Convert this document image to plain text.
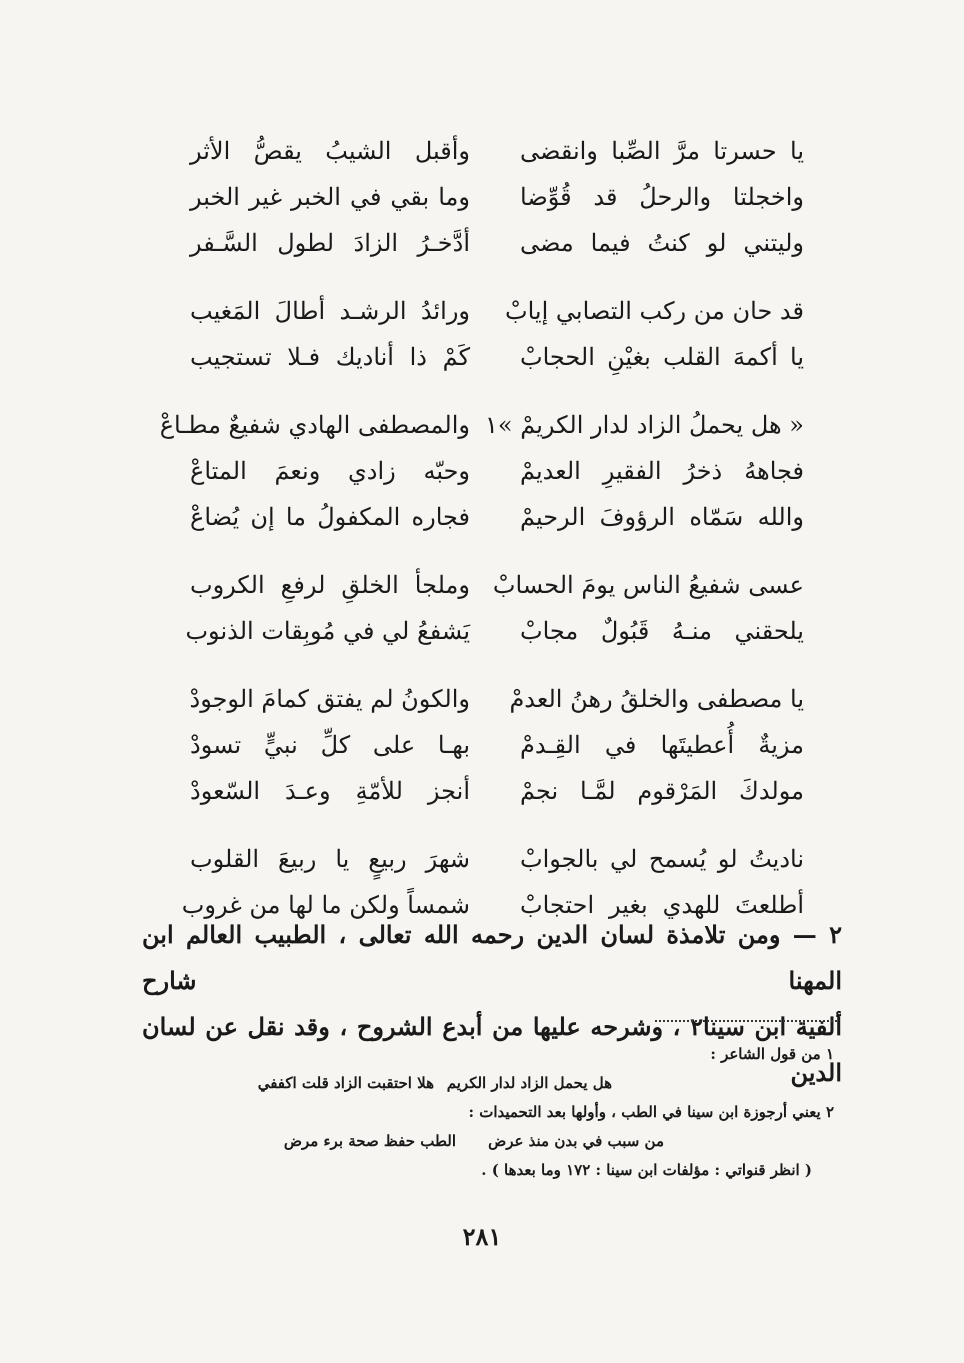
يا حسرتا مرَّ الصِّبا وانقضى
وأقبل الشيبُ يقصُّ الأثر
واخجلتا والرحلُ قد قُوِّضا
وما بقي في الخبر غير الخبر
وليتني لو كنتُ فيما مضى
أدَّخـرُ الزادَ لطول السَّـفر
قد حان من ركب التصابي إيابْ
ورائدُ الرشـد أطالَ المَغيب
يا أكمهَ القلب بغيْنِ الحجابْ
كَمْ ذا أناديك فـلا تستجيب
« هل يحملُ الزاد لدار الكريمْ »١
والمصطفى الهادي شفيعٌ مطـاعْ
فجاههُ ذخرُ الفقيرِ العديمْ
وحبّه زادي ونعمَ المتاعْ
والله سَمّاه الرؤوفَ الرحيمْ
فجاره المكفولُ ما إن يُضاعْ
عسى شفيعُ الناس يومَ الحسابْ
وملجأ الخلقِ لرفعِ الكروب
يلحقني منـهُ قَبُولٌ مجابْ
يَشفعُ لي في مُوبِقات الذنوب
يا مصطفى والخلقُ رهنُ العدمْ
والكونُ لم يفتق كمامَ الوجودْ
مزيةٌ أُعطيتَها في القِـدمْ
بهـا على كلِّ نبيٍّ تسودْ
مولدكَ المَرْقوم لمَّـا نجمْ
أنجز للأمّةِ وعـدَ السّعودْ
ناديتُ لو يُسمح لي بالجوابْ
شهرَ ربيعٍ يا ربيعَ القلوب
أطلعتَ للهدي بغير احتجابْ
شمساً ولكن ما لها من غروب

٢ — ومن تلامذة لسان الدين رحمه الله تعالى ، الطبيب العالم ابن المهنا شارح

ألفية ابن سينا٢ ، وشرحه عليها من أبدع الشروح ، وقد نقل عن لسان الدين

١ من قول الشاعر :
هل يحمل الزاد لدار الكريم
هلا احتقبت الزاد قلت اكففي
٢ يعني أرجوزة ابن سينا في الطب ، وأولها بعد التحميدات :
من سبب في بدن منذ عرض
الطب حفظ صحة برء مرض
( انظر قنواتي : مؤلفات ابن سينا : ١٧٢ وما بعدها ) .
٢٨١
